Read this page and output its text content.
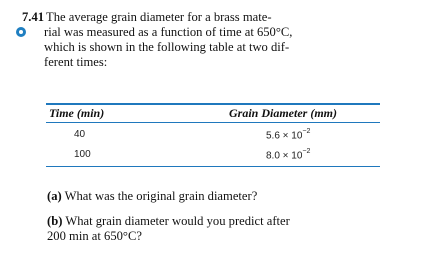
7.41 The average grain diameter for a brass mate-
rial was measured as a function of time at 650°C,
which is shown in the following table at two dif-
ferent times:
Time (min)	Grain Diameter (mm)
40	$5.6 \times 10^{-2}$
100	$8.0 \times 10^{-2}$
(a) What was the original grain diameter?
(b) What grain diameter would you predict after
200 min at 650°C?
